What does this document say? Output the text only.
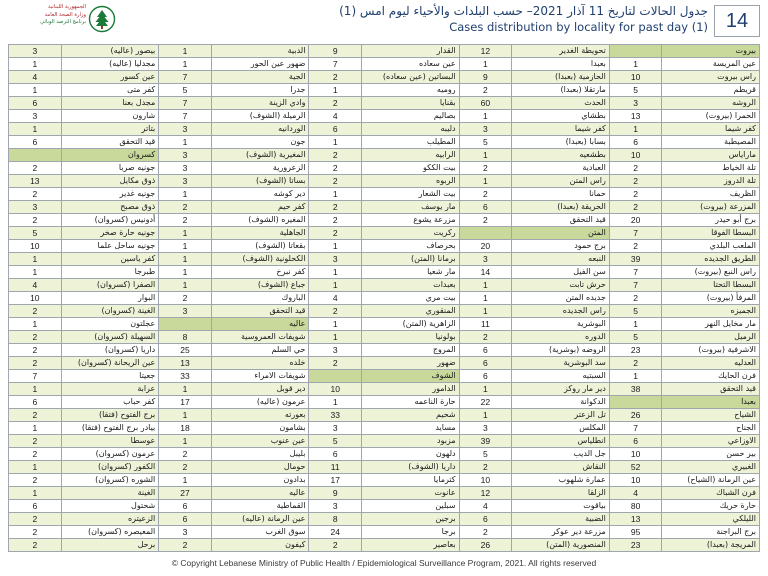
الجمهورية اللبنانية
وزارة الصحة العامة
برنامج الترصد الوبائي
جدول الحالات لتاريخ 11 آذار 2021– حسب البلدات والأحياء ليوم امس (1)
Cases distribution by locality for past day (1) 14
بيروت		تحويطة الغدير	12	القدار	9	الدبية	1	بيصور (عاليه)	3
عين المريسة	1	بعبدا	1	عين سعاده	7	ضهور عين الحور	1	مجدليا (عاليه)	1
راس بيروت	10	الحازمية (بعبدا)	9	البساتين (عين سعاده)	2	الجية	7	عين كسور	4
قريطم	5	مارتقلا (بعبدا)	2	روميه	1	جدرا	5	كفر متى	1
الروشه	3	الحدث	60	بقنايا	2	وادي الزينة	7	مجدل بعنا	6
الحمرا (بيروت)	13	بطشاي	1	بصاليم	4	الرميلة (الشوف)	7	شارون	3
كفر شيما	1	كفر شيما	3	دليبه	6	الوردانيه	3	بتاتر	1
المصيطبة	6	بسابا (بعبدا)	5	المطيلب	1	جون	1	قيد التحقق	6
ماراياس	10	بطشعيه	1	الرابيه	2	المغيرية (الشوف)	3	كسروان	
تلة الخياط	2	العبادية	2	بيت الككو	2	الزعرورية	3	جونيه صربا	2
تلة الدروز	2	راس المتن	1	الربوه	2	بساتا (الشوف)	3	ذوق مكايل	13
الظريف	2	حمانا	2	بيت الشعار	1	دير كوشه	1	جونيه غدير	2
المزرعة (بيروت)	2	الحريقة (بعبدا)	6	مار يوسف	2	كفر حيم	2	ذوق مصبح	3
برج أبو حيدر	20	قيد التحقق	2	مزرعة يشوع	2	المغيره (الشوف)	2	أدونيس (كسروان)	2
البسطا الفوقا	7	المتن		ركريت	2	الجاهلية	1	جونيه حارة صخر	5
الملعب البلدي	2	برج حمود	20	بحرصاف	1	بقعاتا (الشوف)	1	جونيه ساحل علما	10
الطريق الجديده	39	النبعه	3	برمانا (المتن)	3	الكحلونية (الشوف)	1	كفر ياسين	1
راس النبع (بيروت)	7	سن الفيل	14	مار شعيا	1	كفر نبرخ	1	طبرجا	1
البسطا التحتا	7	حرش تابت	1	بعبدات	1	جباع (الشوف)	1	الصفرا (كسروان)	4
المرفأ (بيروت)	2	جديده المتن	1	بيت مري	4	الباروك	2	البوار	10
الجميزه	5	راس الجديده	1	المنقوري	2	قيد التحقق	3	الغينة (كسروان)	2
مار مخايل النهر	1	البوشرية	11	الزاهرية (المتن)	1	عاليه		عجلتون	1
الرميل	5	الدوره	2	بولونيا	1	شويفات العمروسية	8	السهيلة (كسروان)	2
الاشرفية (بيروت)	23	الروضه (بوشرية)	6	المروج	3	حي السلم	25	داريا (كسروان)	2
العدليه	2	سد البوشرية	6	ضهور	2	خلده	13	عين الريحانة (كسروان)	2
فرن الحايك	1	السبتيه	6	الشوف		شويفات الامراء	33	جعيتا	7
قيد التحقق	38	دير مار روكز	1	الدامور	10	دير قوبل	1	عرابة	1
بعبدا		الدكوانة	22	حارة الناعمه	1	عرمون (عاليه)	17	كفر حباب	6
الشياح	26	تل الزعتر	1	شحيم	33	بعورته	1	برج الفتوح (فتقا)	2
الجناح	7	المكلس	3	مسايد	3	بشامون	18	بيادر برج الفتوح (فتقا)	1
الاوزاعي	6	انطلياس	39	مزبود	5	عين عنوب	1	عوسطا	2
بير حسن	10	جل الديب	5	دلهون	6	بليبل	2	عرمون (كسروان)	2
الغبيري	52	النقاش	2	داريا (الشوف)	11	حومال	2	الكفور (كسروان)	1
عين الرمانة (الشياح)	10	عمارة شلهوب	10	كترمايا	17	بدادون	1	الشوره (كسروان)	2
فرن الشباك	4	الزلقا	12	عانوت	9	عاليه	27	الغينة	1
حارة حريك	80	بياقوت	4	سبلين	3	القماطية	6	شحتول	6
الليلكي	13	الضبية	6	برجين	8	عين الرمانة (عاليه)	6	الزعيتره	2
برج البراجنة	95	مزرعة دير عوكر	2	برجا	24	سوق الغرب	3	المعيصره (كسروان)	2
المريجة (بعبدا)	23	المنصورية (المتن)	26	بعاصير	2	كيفون	2	برحل	2
© Copyright Lebanese Ministry of Public Health / Epidemiological Surveillance Program, 2021. All rights reserved
